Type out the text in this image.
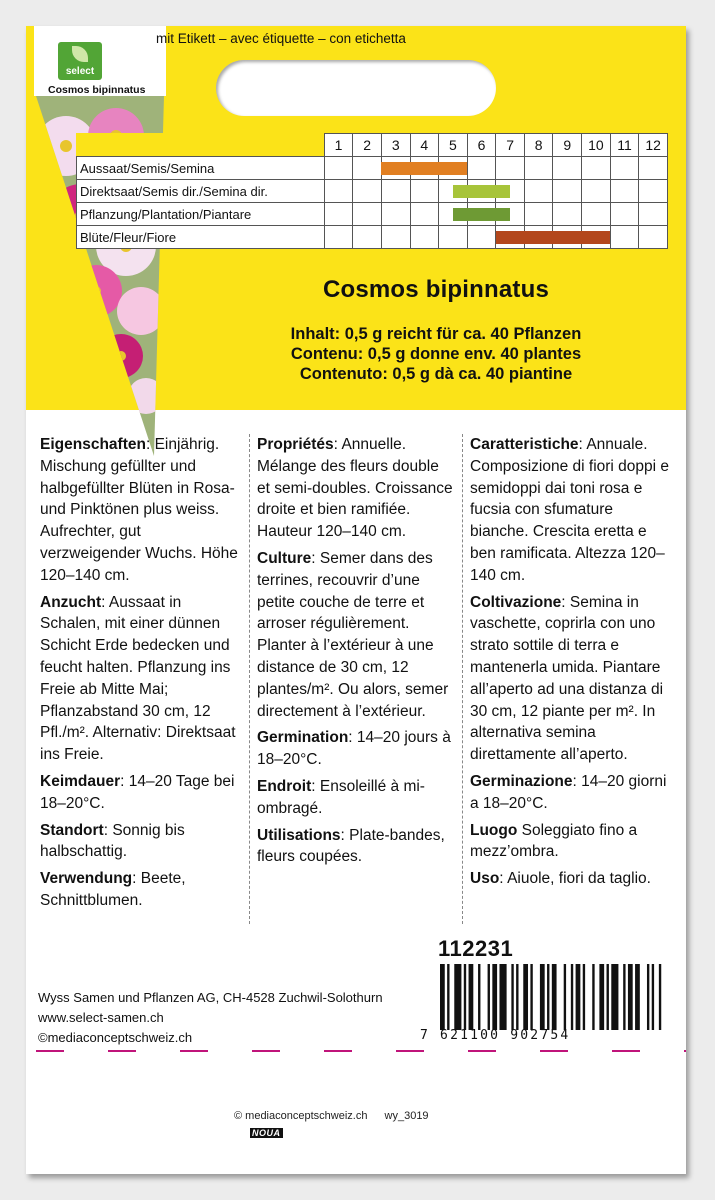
select
Cosmos bipinnatus
mit Etikett – avec étiquette – con etichetta
	1	2	3	4	5	6	7	8	9	10	11	12
Aussaat/Semis/Semina												
Direktsaat/Semis dir./Semina dir.												
Pflanzung/Plantation/Piantare												
Blüte/Fleur/Fiore												
Cosmos bipinnatus
Inhalt: 0,5 g reicht für ca. 40 Pflanzen
Contenu: 0,5 g donne env. 40 plantes
Contenuto: 0,5 g dà ca. 40 piantine

Eigenschaften: Einjährig. Mischung gefüllter und halbgefüllter Blüten in Rosa- und Pinktönen plus weiss. Aufrechter, gut verzweigender Wuchs. Höhe 120–140 cm.

Anzucht: Aussaat in Schalen, mit einer dünnen Schicht Erde bedecken und feucht halten. Pflanzung ins Freie ab Mitte Mai; Pflanzabstand 30 cm, 12 Pfl./m². Alternativ: Direktsaat ins Freie.

Keimdauer: 14–20 Tage bei 18–20°C.

Standort: Sonnig bis halbschattig.

Verwendung: Beete, Schnittblumen.

Propriétés: Annuelle. Mélange des fleurs double et semi-doubles. Croissance droite et bien ramifiée. Hauteur 120–140 cm.

Culture: Semer dans des terrines, recouvrir d’une petite couche de terre et arroser régulièrement. Planter à l’extérieur à une distance de 30 cm, 12 plantes/m². Ou alors, semer directement à l’extérieur.

Germination: 14–20 jours à 18–20°C.

Endroit: Ensoleillé à mi-ombragé.

Utilisations: Plate-bandes, fleurs coupées.

Caratteristiche: Annuale. Composizione di fiori doppi e semidoppi dai toni rosa e fucsia con sfumature bianche. Crescita eretta e ben ramificata. Altezza 120–140 cm.

Coltivazione: Semina in vaschette, coprirla con uno strato sottile di terra e mantenerla umida. Piantare all’aperto ad una distanza di 30 cm, 12 piante per m². In alternativa semina direttamente all’aperto.

Germinazione: 14–20 giorni a 18–20°C.

Luogo Soleggiato fino a mezz’ombra.

Uso: Aiuole, fiori da taglio.

112231
7 621100 902754
Wyss Samen und Pflanzen AG, CH-4528 Zuchwil-Solothurn
www.select-samen.ch
©mediaconceptschweiz.ch
© mediaconceptschweiz.ch wy_3019
NOUA
